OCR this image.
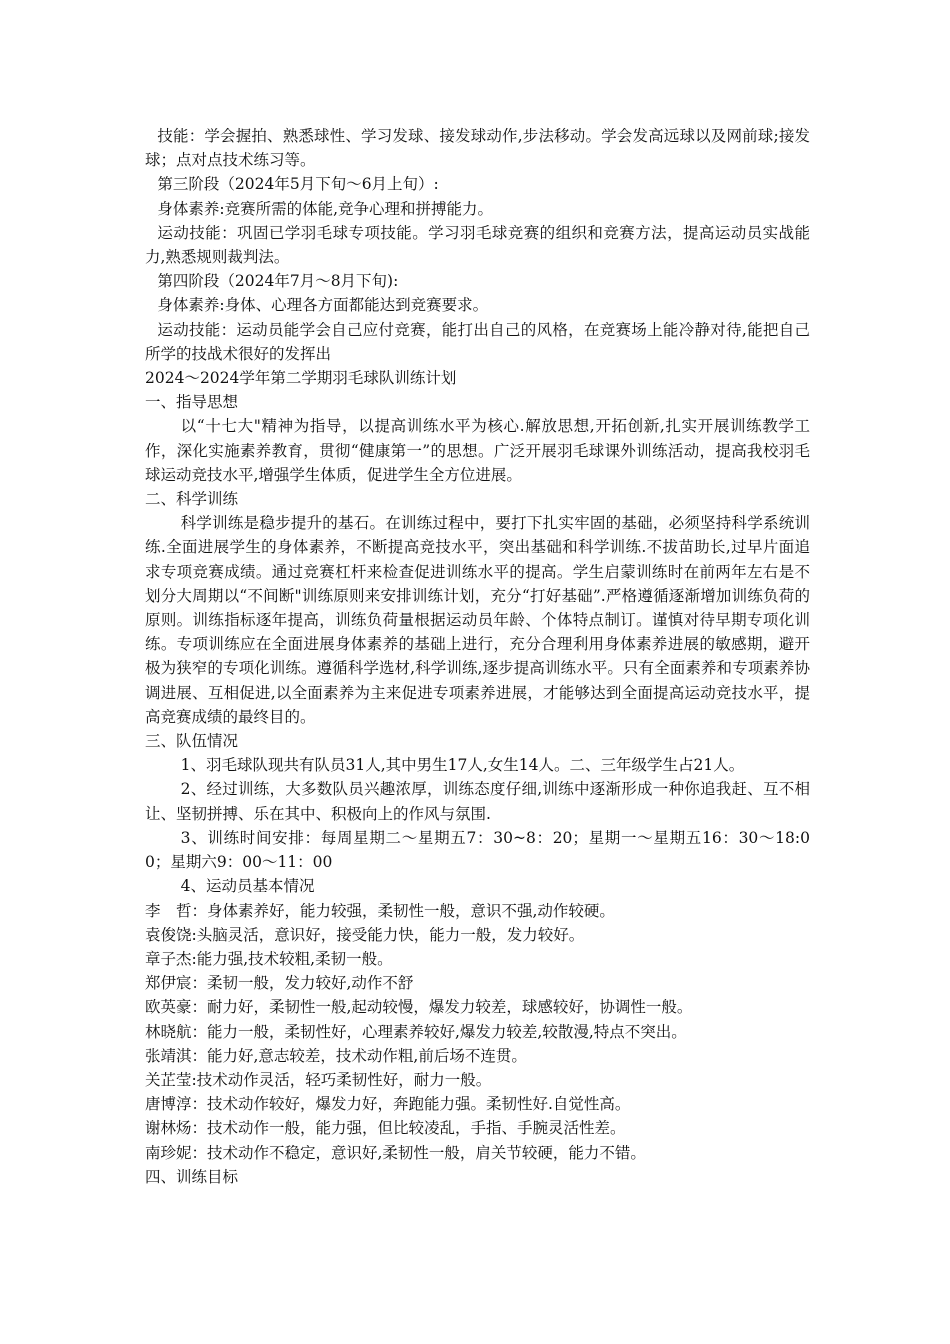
技能：学会握拍、熟悉球性、学习发球、接发球动作,步法移动。学会发高远球以及网前球;接发球；点对点技术练习等。

第三阶段（2024年5月下旬～6月上旬）:

身体素养:竞赛所需的体能,竞争心理和拼搏能力。

运动技能：巩固已学羽毛球专项技能。学习羽毛球竞赛的组织和竞赛方法，提高运动员实战能力,熟悉规则裁判法。

第四阶段（2024年7月～8月下旬):

身体素养:身体、心理各方面都能达到竞赛要求。

运动技能：运动员能学会自己应付竞赛，能打出自己的风格，在竞赛场上能冷静对待,能把自己所学的技战术很好的发挥出

2024～2024学年第二学期羽毛球队训练计划

一、指导思想

以“十七大"精神为指导，以提高训练水平为核心.解放思想,开拓创新,扎实开展训练教学工作，深化实施素养教育，贯彻“健康第一”的思想。广泛开展羽毛球课外训练活动，提高我校羽毛球运动竞技水平,增强学生体质，促进学生全方位进展。

二、科学训练

科学训练是稳步提升的基石。在训练过程中，要打下扎实牢固的基础，必须坚持科学系统训练.全面进展学生的身体素养，不断提高竞技水平，突出基础和科学训练.不拔苗助长,过早片面追求专项竞赛成绩。通过竞赛杠杆来检查促进训练水平的提高。学生启蒙训练时在前两年左右是不划分大周期以“不间断"训练原则来安排训练计划，充分“打好基础”.严格遵循逐渐增加训练负荷的原则。训练指标逐年提高，训练负荷量根据运动员年龄、个体特点制订。谨慎对待早期专项化训练。专项训练应在全面进展身体素养的基础上进行，充分合理利用身体素养进展的敏感期，避开极为狭窄的专项化训练。遵循科学选材,科学训练,逐步提高训练水平。只有全面素养和专项素养协调进展、互相促进,以全面素养为主来促进专项素养进展，才能够达到全面提高运动竞技水平，提高竞赛成绩的最终目的。

三、队伍情况

1、羽毛球队现共有队员31人,其中男生17人,女生14人。二、三年级学生占21人。

2、经过训练，大多数队员兴趣浓厚，训练态度仔细,训练中逐渐形成一种你追我赶、互不相让、坚韧拼搏、乐在其中、积极向上的作风与氛围.

3、训练时间安排：每周星期二～星期五7：30~8：20；星期一～星期五16：30～18:00；星期六9：00～11：00

4、运动员基本情况

李　哲：身体素养好，能力较强，柔韧性一般，意识不强,动作较硬。

袁俊饶:头脑灵活，意识好，接受能力快，能力一般，发力较好。

章子杰:能力强,技术较粗,柔韧一般。

郑伊宸：柔韧一般，发力较好,动作不舒

欧英豪：耐力好，柔韧性一般,起动较慢，爆发力较差，球感较好，协调性一般。

林晓航：能力一般，柔韧性好，心理素养较好,爆发力较差,较散漫,特点不突出。

张靖淇：能力好,意志较差，技术动作粗,前后场不连贯。

关芷莹:技术动作灵活，轻巧柔韧性好，耐力一般。

唐博淳：技术动作较好，爆发力好，奔跑能力强。柔韧性好.自觉性高。

谢林炀：技术动作一般，能力强，但比较凌乱，手指、手腕灵活性差。

南珍妮：技术动作不稳定，意识好,柔韧性一般，肩关节较硬，能力不错。

四、训练目标
